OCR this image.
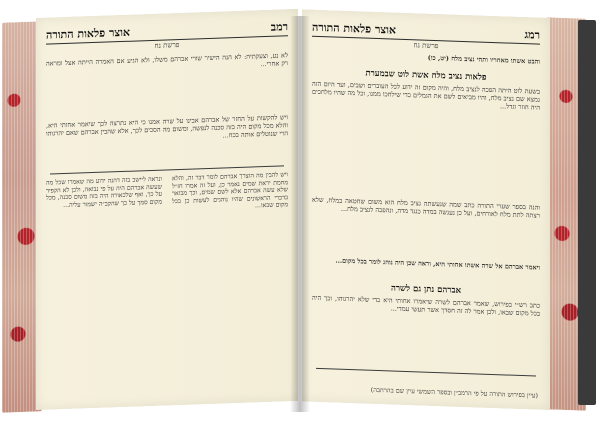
אוצר פלאות התורה	רמב
פרשת נח
לא נע, וצעקתיה: לא הנה הישיר שורי אברהם משלו, ולא הגיע אם האמרה הייתה אצל ומראה רק אחרי...
ויש להקשות על החזר של אברהם אבינו על שרה אמנו כי היא נתרצה לכך שיאמר אחותי היא, והלא מכל מקום היה בזה סכנה לנפשה, ומשום מה הסכים לכך, אלא שהבין אברהם שאם יהרגוהו הרי שנוטלים אותה בכח...
ונראה ליישב בזה דהנה ידוע מה שאמרו שכל מה שעשה אברהם היה על פי נבואה, ולכן לא הקפיד על כך, ואף שלכאורה היה בזה משום סכנה, מכל מקום סמך על כך שהקב״ה ישמור עליה...
ויש להבין מה הוצרך אברהם לומר דבר זה, והלא מחמת יראת שמים נאמר כן, ועל זה אמרו חז״ל שלא עשה אברהם אלא לשם שמים, וכך מבואר בדברי הראשונים שהיו נוהגים לעשות כן בכל מקום שבאו...
אוצר פלאות התורה	רמג
פרשת נח
והבט אשתו מאחריו ותהי נציב מלח (יט, כו)
פלאות נציב מלח אשת לוט שבמערת
בשעת לוט היתה הפכה לנציב מלח, והיה מקום זה ידוע לכל העוברים ושבים, ועד היום הזה נמצא שם נציב מלח, והיו מביאים לשם את הגמלים כדי שילחכו ממנו, וכל מה שהיו מלחכים היה חוזר וגדל...
והנה בספר שערי התורה כתב שמה שנעשתה נציב מלח הוא משום שחטאה במלח, שלא רצתה לתת מלח לאורחים, ועל כן נענשה במדה כנגד מדה, ונהפכה לנציב מלח...
ויאמר אברהם אל שרה אשתו אחותי היא, וראה שכן היה נוהג לומר בכל מקום...
אברהם נתן גם לשרה
כתב רש״י בפירוש, שאמר אברהם לשרה שיאמרו אחותי היא כדי שלא יהרגוהו, וכך היה בכל מקום שבאו, ולכן אמר לה זה חסדך אשר תעשי עמדי...
(עיין בפירוש התורה על פי הרמב״ן ובספר השמשי עיין שם בהרחבה)
